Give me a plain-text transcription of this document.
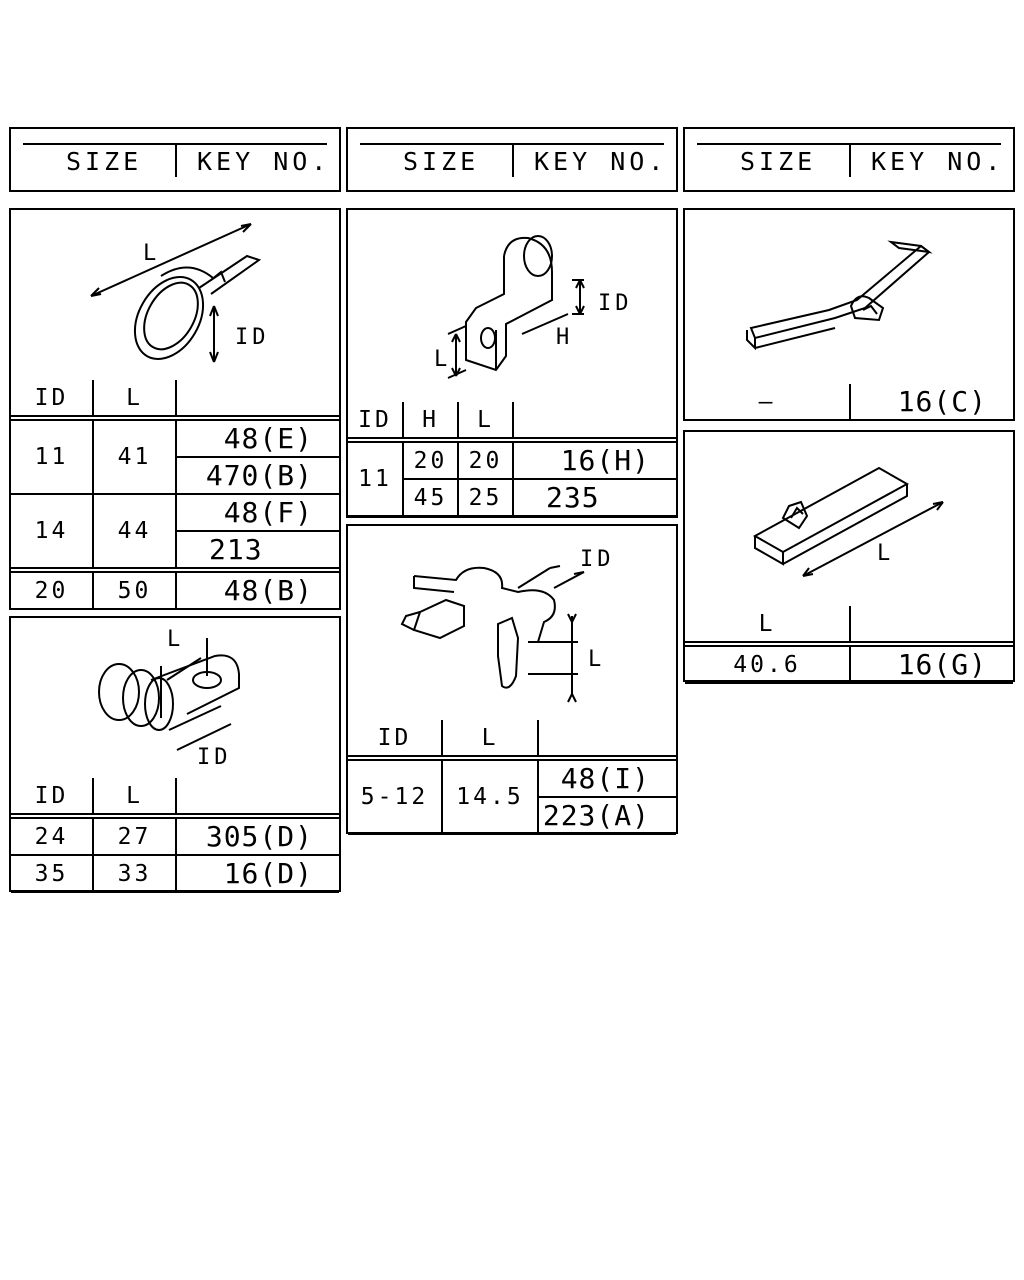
SIZE KEY NO.	SIZE KEY NO.	SIZE KEY NO.
L
ID
ID	L	
11	41	48(E)
		470(B)
14	44	48(F)
		213
20	50	48(B)
L
ID
ID	L	
24	27	305(D)
35	33	16(D)
ID
H
L
ID	H	L	
11	20	20	16(H)
	45	25	235
ID
L
ID	L	
5-12	14.5	48(I)
		223(A)
—	16(C)
L
L	
40.6	16(G)
